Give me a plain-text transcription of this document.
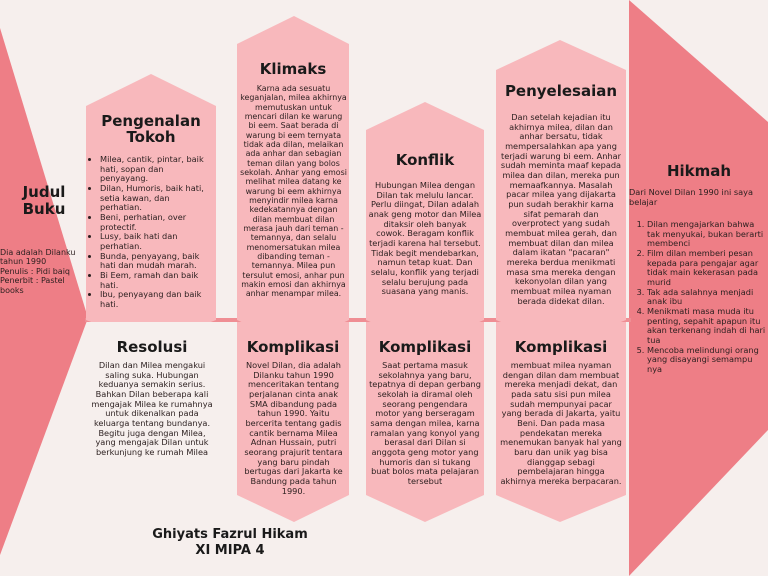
Judul
Buku
Dia adalah Dilanku
tahun 1990
Penulis : Pidi baiq
Penerbit : Pastel
books
Pengenalan
Tokoh
• Milea, cantik, pintar, baik hati, sopan dan penyayang.
• Dilan, Humoris, baik hati, setia kawan, dan perhatian.
• Beni, perhatian, over protectif.
• Lusy, baik hati dan perhatian.
• Bunda, penyayang, baik hati dan mudah marah.
• Bi Eem, ramah dan baik hati.
• Ibu, penyayang dan baik hati.
Klimaks
Karna ada sesuatu keganjalan, milea akhirnya memutuskan untuk mencari dilan ke warung bi eem. Saat berada di warung bi eem ternyata tidak ada dilan, melaikan ada anhar dan sebagian teman dilan yang bolos sekolah. Anhar yang emosi melihat milea datang ke warung bi eem akhirnya menyindir milea karna kedekatannya dengan dilan membuat dilan merasa jauh dari teman - temannya, dan selalu menomersatukan milea dibanding teman - temannya. Milea pun tersulut emosi, anhar pun makin emosi dan akhirnya anhar menampar milea.
Konflik
Hubungan Milea dengan Dilan tak melulu lancar. Perlu diingat, Dilan adalah anak geng motor dan Milea ditaksir oleh banyak cowok. Beragam konflik terjadi karena hal tersebut. Tidak begit mendebarkan, namun tetap kuat. Dan selalu, konflik yang terjadi selalu berujung pada suasana yang manis.
Penyelesaian
Dan setelah kejadian itu akhirnya milea, dilan dan anhar bersatu, tidak mempersalahkan apa yang terjadi warung bi eem. Anhar sudah meminta maaf kepada milea dan dilan, mereka pun memaafkannya. Masalah pacar milea yang dijakarta pun sudah berakhir karna sifat pemarah dan overprotect yang sudah membuat milea gerah, dan membuat dilan dan milea dalam ikatan "pacaran" mereka berdua menikmati masa sma mereka dengan kekonyolan dilan yang membuat milea nyaman berada didekat dilan.
Hikmah
Dari Novel Dilan 1990 ini saya belajar
1. Dilan mengajarkan bahwa tak menyukai, bukan berarti membenci
2. Film dilan memberi pesan kepada para pengajar agar tidak main kekerasan pada murid
3. Tak ada salahnya menjadi anak ibu
4. Menikmati masa muda itu penting, sepahit apapun itu akan terkenang indah di hari tua
5. Mencoba melindungi orang yang disayangi semampu nya
Resolusi
Dilan dan Milea mengakui saling suka. Hubungan keduanya semakin serius. Bahkan Dilan beberapa kali mengajak Milea ke rumahnya untuk dikenalkan pada keluarga tentang bundanya. Begitu juga dengan Milea, yang mengajak Dilan untuk berkunjung ke rumah Milea
Komplikasi
Novel Dilan, dia adalah Dilanku tahun 1990 menceritakan tentang perjalanan cinta anak SMA dibandung pada tahun 1990. Yaitu bercerita tentang gadis cantik bernama Milea Adnan Hussain, putri seorang prajurit tentara yang baru pindah bertugas dari Jakarta ke Bandung pada tahun 1990.
Komplikasi
Saat pertama masuk sekolahnya yang baru, tepatnya di depan gerbang sekolah ia diramal oleh seorang pengendara motor yang berseragam sama dengan milea, karna ramalan yang konyol yang berasal dari Dilan si anggota geng motor yang humoris dan si tukang buat bolos mata pelajaran tersebut
Komplikasi
membuat milea nyaman dengan dilan dam membuat mereka menjadi dekat, dan pada satu sisi pun milea sudah mempunyai pacar yang berada di Jakarta, yaitu Beni. Dan pada masa pendekatan mereka menemukan banyak hal yang baru dan unik yag bisa dianggap sebagi pembelajaran hingga akhirnya mereka berpacaran.
Ghiyats Fazrul Hikam
XI MIPA 4
